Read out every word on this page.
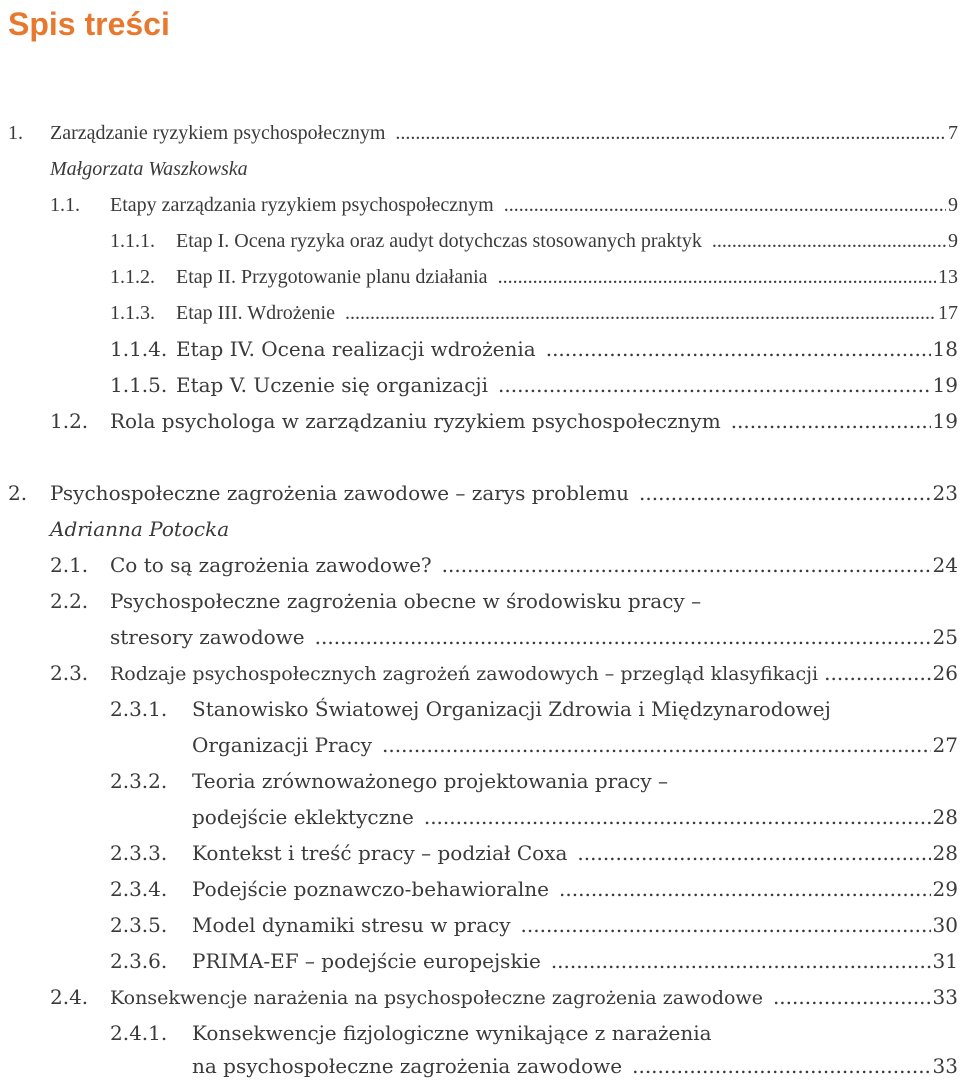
Spis treści
1. Zarządzanie ryzykiem psychospołecznym .....	7
Małgorzata Waszkowska
1.1. Etapy zarządzania ryzykiem psychospołecznym .....	9
1.1.1. Etap I. Ocena ryzyka oraz audyt dotychczas stosowanych praktyk .....	9
1.1.2. Etap II. Przygotowanie planu działania .....	13
1.1.3. Etap III. Wdrożenie .....	17
1.1.4. Etap IV. Ocena realizacji wdrożenia .....	18
1.1.5. Etap V. Uczenie się organizacji .....	19
1.2. Rola psychologa w zarządzaniu ryzykiem psychospołecznym .....	19
2. Psychospołeczne zagrożenia zawodowe – zarys problemu .....	23
Adrianna Potocka
2.1. Co to są zagrożenia zawodowe? .....	24
2.2. Psychospołeczne zagrożenia obecne w środowisku pracy –
stresory zawodowe .....	25
2.3. Rodzaje psychospołecznych zagrożeń zawodowych – przegląd klasyfikacji .....	26
2.3.1. Stanowisko Światowej Organizacji Zdrowia i Międzynarodowej
Organizacji Pracy .....	27
2.3.2. Teoria zrównoważonego projektowania pracy –
podejście eklektyczne .....	28
2.3.3. Kontekst i treść pracy – podział Coxa .....	28
2.3.4. Podejście poznawczo-behawioralne .....	29
2.3.5. Model dynamiki stresu w pracy .....	30
2.3.6. PRIMA-EF – podejście europejskie .....	31
2.4. Konsekwencje narażenia na psychospołeczne zagrożenia zawodowe .....	33
2.4.1. Konsekwencje fizjologiczne wynikające z narażenia
na psychospołeczne zagrożenia zawodowe .....	33
